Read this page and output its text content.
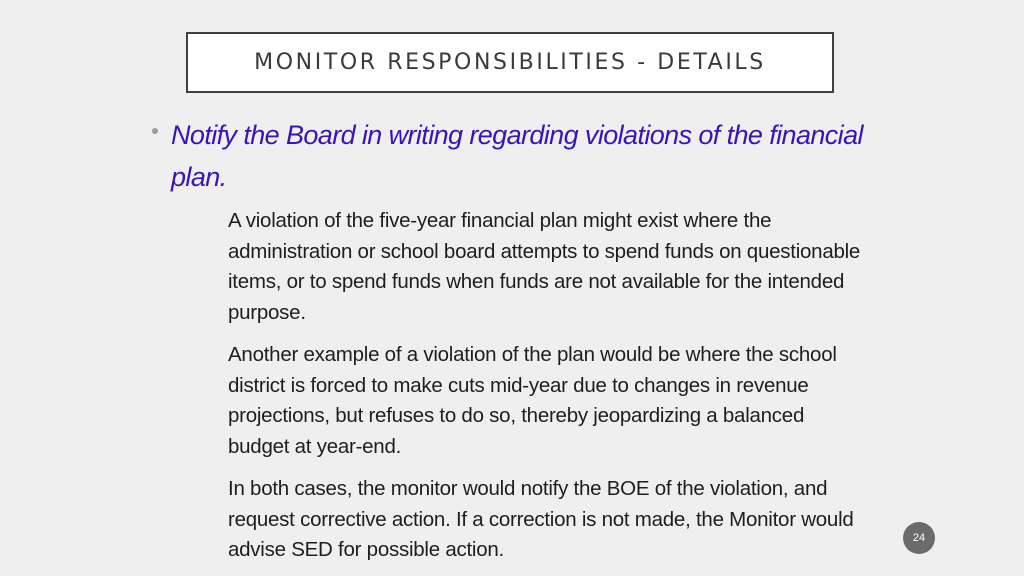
MONITOR RESPONSIBILITIES - DETAILS
Notify the Board in writing regarding violations of the financial plan.

A violation of the five-year financial plan might exist where the administration or school board attempts to spend funds on questionable items, or to spend funds when funds are not available for the intended purpose.

Another example of a violation of the plan would be where the school district is forced to make cuts mid-year due to changes in revenue projections, but refuses to do so, thereby jeopardizing a balanced budget at year-end.

In both cases, the monitor would notify the BOE of the violation, and request corrective action. If a correction is not made, the Monitor would advise SED for possible action.

24
